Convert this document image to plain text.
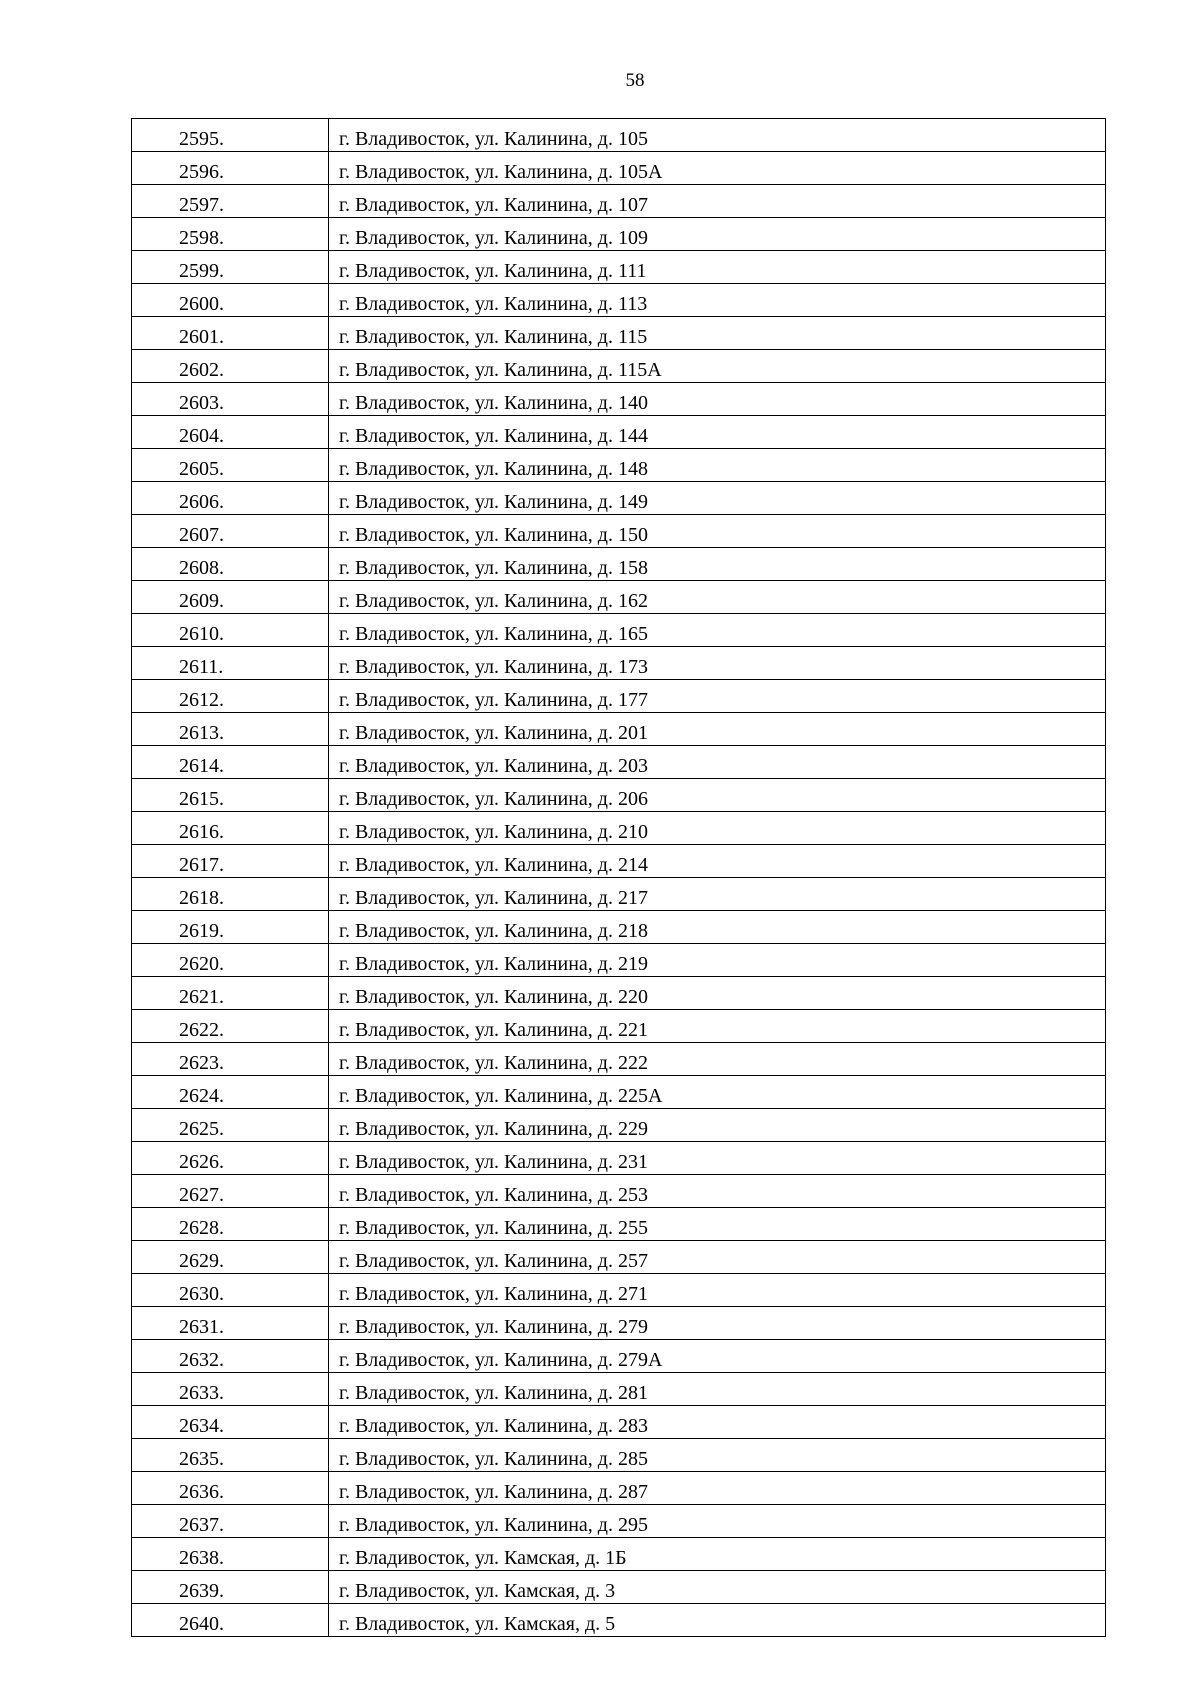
58
2595.	г. Владивосток, ул. Калинина, д. 105
2596.	г. Владивосток, ул. Калинина, д. 105А
2597.	г. Владивосток, ул. Калинина, д. 107
2598.	г. Владивосток, ул. Калинина, д. 109
2599.	г. Владивосток, ул. Калинина, д. 111
2600.	г. Владивосток, ул. Калинина, д. 113
2601.	г. Владивосток, ул. Калинина, д. 115
2602.	г. Владивосток, ул. Калинина, д. 115А
2603.	г. Владивосток, ул. Калинина, д. 140
2604.	г. Владивосток, ул. Калинина, д. 144
2605.	г. Владивосток, ул. Калинина, д. 148
2606.	г. Владивосток, ул. Калинина, д. 149
2607.	г. Владивосток, ул. Калинина, д. 150
2608.	г. Владивосток, ул. Калинина, д. 158
2609.	г. Владивосток, ул. Калинина, д. 162
2610.	г. Владивосток, ул. Калинина, д. 165
2611.	г. Владивосток, ул. Калинина, д. 173
2612.	г. Владивосток, ул. Калинина, д. 177
2613.	г. Владивосток, ул. Калинина, д. 201
2614.	г. Владивосток, ул. Калинина, д. 203
2615.	г. Владивосток, ул. Калинина, д. 206
2616.	г. Владивосток, ул. Калинина, д. 210
2617.	г. Владивосток, ул. Калинина, д. 214
2618.	г. Владивосток, ул. Калинина, д. 217
2619.	г. Владивосток, ул. Калинина, д. 218
2620.	г. Владивосток, ул. Калинина, д. 219
2621.	г. Владивосток, ул. Калинина, д. 220
2622.	г. Владивосток, ул. Калинина, д. 221
2623.	г. Владивосток, ул. Калинина, д. 222
2624.	г. Владивосток, ул. Калинина, д. 225А
2625.	г. Владивосток, ул. Калинина, д. 229
2626.	г. Владивосток, ул. Калинина, д. 231
2627.	г. Владивосток, ул. Калинина, д. 253
2628.	г. Владивосток, ул. Калинина, д. 255
2629.	г. Владивосток, ул. Калинина, д. 257
2630.	г. Владивосток, ул. Калинина, д. 271
2631.	г. Владивосток, ул. Калинина, д. 279
2632.	г. Владивосток, ул. Калинина, д. 279А
2633.	г. Владивосток, ул. Калинина, д. 281
2634.	г. Владивосток, ул. Калинина, д. 283
2635.	г. Владивосток, ул. Калинина, д. 285
2636.	г. Владивосток, ул. Калинина, д. 287
2637.	г. Владивосток, ул. Калинина, д. 295
2638.	г. Владивосток, ул. Камская, д. 1Б
2639.	г. Владивосток, ул. Камская, д. 3
2640.	г. Владивосток, ул. Камская, д. 5
